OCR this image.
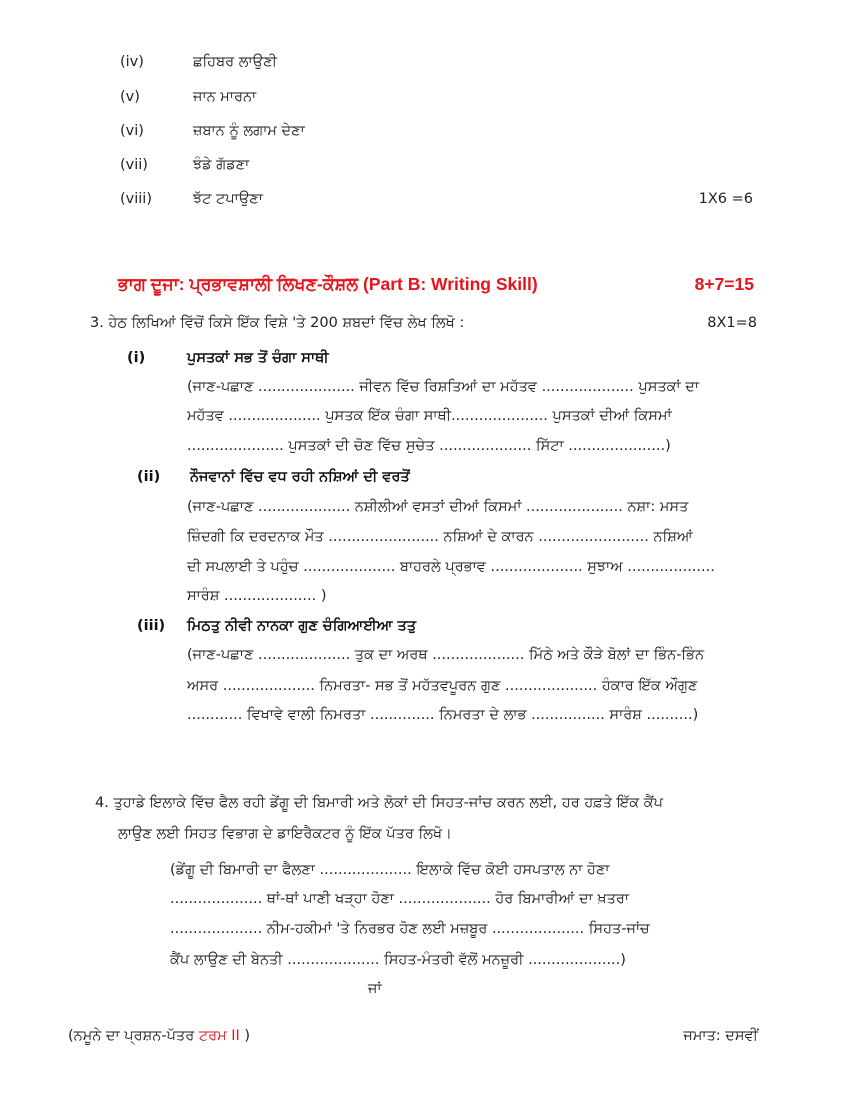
(iv)	ਛਹਿਬਰ ਲਾਉਣੀ
(v)	ਜਾਨ ਮਾਰਨਾ
(vi)	ਜ਼ਬਾਨ ਨੂੰ ਲਗਾਮ ਦੇਣਾ
(vii)	ਝੰਡੇ ਗੱਡਣਾ
(viii)	ਝੱਟ ਟਪਾਉਣਾ	1X6 =6
ਭਾਗ ਦੂਜਾ: ਪ੍ਰਭਾਵਸ਼ਾਲੀ ਲਿਖਣ-ਕੌਸ਼ਲ (Part B: Writing Skill)	8+7=15
3. ਹੇਠ ਲਿਖਿਆਂ ਵਿੱਚੋਂ ਕਿਸੇ ਇੱਕ ਵਿਸ਼ੇ 'ਤੇ 200 ਸ਼ਬਦਾਂ ਵਿੱਚ ਲੇਖ ਲਿਖੋ :	8X1=8
(i)	ਪੁਸਤਕਾਂ ਸਭ ਤੋਂ ਚੰਗਾ ਸਾਥੀ
(ਜਾਣ-ਪਛਾਣ ..................... ਜੀਵਨ ਵਿੱਚ ਰਿਸ਼ਤਿਆਂ ਦਾ ਮਹੱਤਵ .................... ਪੁਸਤਕਾਂ ਦਾ
ਮਹੱਤਵ .................... ਪੁਸਤਕ ਇੱਕ ਚੰਗਾ ਸਾਥੀ..................... ਪੁਸਤਕਾਂ ਦੀਆਂ ਕਿਸਮਾਂ
..................... ਪੁਸਤਕਾਂ ਦੀ ਚੋਣ ਵਿੱਚ ਸੁਚੇਤ .................... ਸਿੱਟਾ .....................)
(ii) ਨੌਜਵਾਨਾਂ ਵਿੱਚ ਵਧ ਰਹੀ ਨਸ਼ਿਆਂ ਦੀ ਵਰਤੋਂ
(ਜਾਣ-ਪਛਾਣ .................... ਨਸ਼ੀਲੀਆਂ ਵਸਤਾਂ ਦੀਆਂ ਕਿਸਮਾਂ ..................... ਨਸ਼ਾ: ਮਸਤ
ਜ਼ਿੰਦਗੀ ਕਿ ਦਰਦਨਾਕ ਮੌਤ ........................ ਨਸ਼ਿਆਂ ਦੇ ਕਾਰਨ ........................ ਨਸ਼ਿਆਂ
ਦੀ ਸਪਲਾਈ ਤੇ ਪਹੁੰਚ .................... ਬਾਹਰਲੇ ਪ੍ਰਭਾਵ .................... ਸੁਝਾਅ ...................
ਸਾਰੰਸ਼ .................... )
(iii) ਮਿਠਤੁ ਨੀਵੀ ਨਾਨਕਾ ਗੁਣ ਚੰਗਿਆਈਆ ਤਤੁ
(ਜਾਣ-ਪਛਾਣ .................... ਤੁਕ ਦਾ ਅਰਥ .................... ਮਿੱਠੇ ਅਤੇ ਕੌੜੇ ਬੋਲਾਂ ਦਾ ਭਿੰਨ-ਭਿੰਨ
ਅਸਰ .................... ਨਿਮਰਤਾ- ਸਭ ਤੋਂ ਮਹੱਤਵਪੂਰਨ ਗੁਣ .................... ਹੰਕਾਰ ਇੱਕ ਔਗੁਣ
............ ਵਿਖਾਵੇ ਵਾਲੀ ਨਿਮਰਤਾ .............. ਨਿਮਰਤਾ ਦੇ ਲਾਭ ................ ਸਾਰੰਸ਼ ..........)
4. ਤੁਹਾਡੇ ਇਲਾਕੇ ਵਿੱਚ ਫੈਲ ਰਹੀ ਡੇਂਗੂ ਦੀ ਬਿਮਾਰੀ ਅਤੇ ਲੋਕਾਂ ਦੀ ਸਿਹਤ-ਜਾਂਚ ਕਰਨ ਲਈ, ਹਰ ਹਫ਼ਤੇ ਇੱਕ ਕੈਂਪ
ਲਾਉਣ ਲਈ ਸਿਹਤ ਵਿਭਾਗ ਦੇ ਡਾਇਰੈਕਟਰ ਨੂੰ ਇੱਕ ਪੱਤਰ ਲਿਖੋ।
(ਡੇਂਗੂ ਦੀ ਬਿਮਾਰੀ ਦਾ ਫੈਲਣਾ .................... ਇਲਾਕੇ ਵਿੱਚ ਕੋਈ ਹਸਪਤਾਲ ਨਾ ਹੋਣਾ
.................... ਥਾਂ-ਥਾਂ ਪਾਣੀ ਖੜ੍ਹਾ ਹੋਣਾ .................... ਹੋਰ ਬਿਮਾਰੀਆਂ ਦਾ ਖ਼ਤਰਾ
.................... ਨੀਮ-ਹਕੀਮਾਂ 'ਤੇ ਨਿਰਭਰ ਹੋਣ ਲਈ ਮਜ਼ਬੂਰ .................... ਸਿਹਤ-ਜਾਂਚ
ਕੈਂਪ ਲਾਉਣ ਦੀ ਬੇਨਤੀ .................... ਸਿਹਤ-ਮੰਤਰੀ ਵੱਲੋਂ ਮਨਜ਼ੂਰੀ ....................)
ਜਾਂ
(ਨਮੂਨੇ ਦਾ ਪ੍ਰਸ਼ਨ-ਪੱਤਰ ਟਰਮ II )	ਜਮਾਤ: ਦਸਵੀਂ
